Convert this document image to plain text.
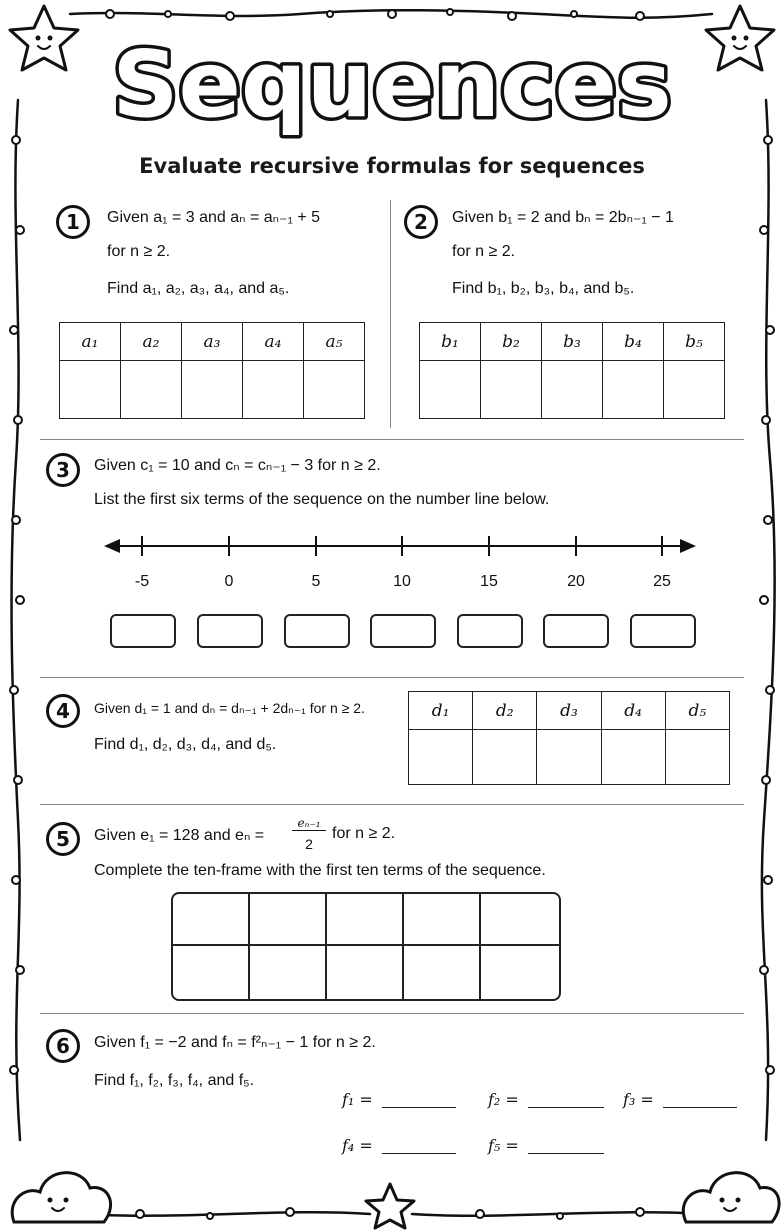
Sequences
Evaluate recursive formulas for sequences
1	Given a₁ = 3 and aₙ = aₙ₋₁ + 5
for n ≥ 2.
Find a₁, a₂, a₃, a₄, and a₅.
a₁	a₂	a₃	a₄	a₅

2	Given b₁ = 2 and bₙ = 2bₙ₋₁ − 1
for n ≥ 2.
Find b₁, b₂, b₃, b₄, and b₅.
b₁	b₂	b₃	b₄	b₅

3	Given c₁ = 10 and cₙ = cₙ₋₁ − 3 for n ≥ 2.
List the first six terms of the sequence on the number line below.
-5	0	5	10	15	20	25
4	Given d₁ = 1 and dₙ = dₙ₋₁ + 2dₙ₋₁ for n ≥ 2.
Find d₁, d₂, d₃, d₄, and d₅.
d₁	d₂	d₃	d₄	d₅

5	Given e₁ = 128 and eₙ =
eₙ₋₁
2
for n ≥ 2.
Complete the ten-frame with the first ten terms of the sequence.
6	Given f₁ = −2 and fₙ = f²ₙ₋₁ − 1 for n ≥ 2.
Find f₁, f₂, f₃, f₄, and f₅.
f₁ =	f₂ =	f₃ =
f₄ =	f₅ =
